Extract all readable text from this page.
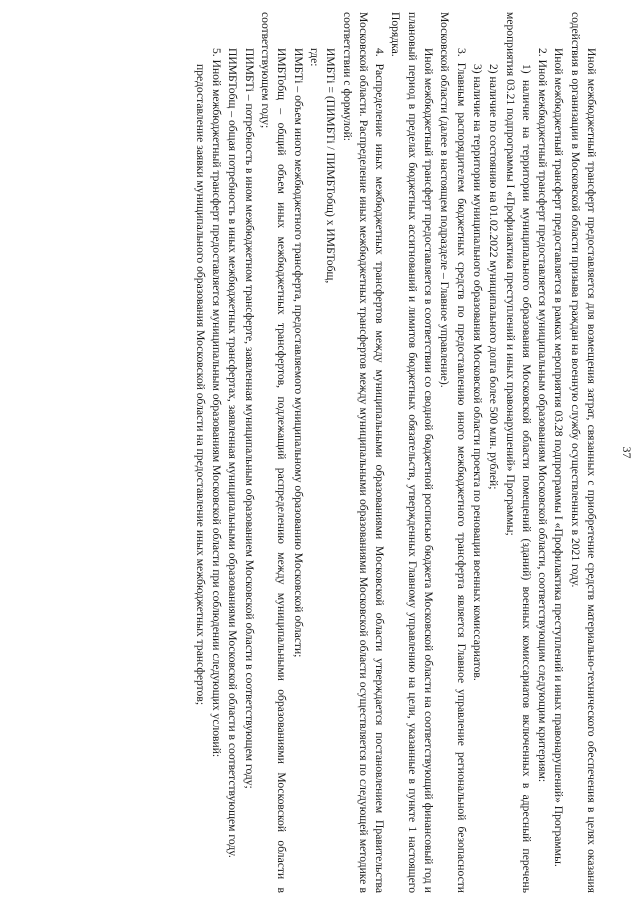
37

Иной межбюджетный трансферт предоставляется для возмещения затрат, связанных с приобретение средств материально-технического обеспечения в целях оказания содействия в организации в Московской области призыва граждан на военную службу осуществленных в 2021 году.

Иной межбюджетный трансферт предоставляется в рамках мероприятия 03.28 подпрограммы I «Профилактика преступлений и иных правонарушений» Программы.

2. Иной межбюджетный трансферт предоставляется муниципальным образованиям Московской области, соответствующим следующим критериям:

1) наличие на территории муниципального образования Московской области помещений (зданий) военных комиссариатов включенных в адресный перечень мероприятия 03.21 подпрограммы I «Профилактика преступлений и иных правонарушений» Программы;

2) наличие по состоянию на 01.02.2022 муниципального долга более 500 млн. рублей;

3) наличие на территории муниципального образования Московской области проекта по реновации военных комиссариатов.

3. Главным распорядителем бюджетных средств по предоставлению иного межбюджетного трансферта является Главное управление региональной безопасности Московской области (далее в настоящем подразделе – Главное управление).

Иной межбюджетный трансферт предоставляется в соответствии со сводной бюджетной росписью бюджета Московской области на соответствующий финансовый год и плановый период в пределах бюджетных ассигнований и лимитов бюджетных обязательств, утвержденных Главному управлению на цели, указанные в пункте 1 настоящего Порядка.

4. Распределение иных межбюджетных трансфертов между муниципальными образованиями Московской области утверждается постановлением Правительства Московской области. Распределение иных межбюджетных трансфертов между муниципальными образованиями Московской области осуществляется по следующей методике в соответствии с формулой:

ИМБТi = (ПИМБТi / ПИМБТобщ) х ИМБТобщ,

где:

ИМБТi – объем иного межбюджетного трансферта, предоставляемого муниципальному образованию Московской области;

ИМБТобщ – общий объем иных межбюджетных трансфертов, подлежащий распределению между муниципальными образованиями Московской области в соответствующем году;

ПИМБТi – потребность в ином межбюджетном трансферте, заявленная муниципальным образованием Московской области в соответствующем году;

ПИМБТобщ – общая потребность в иных межбюджетных трансфертах, заявленная муниципальными образованиями Московской области в соответствующем году.

5. Иной межбюджетный трансферт предоставляется муниципальным образованиям Московской области при соблюдении следующих условий:

предоставление заявки муниципального образования Московской области на предоставление иных межбюджетных трансфертов;
